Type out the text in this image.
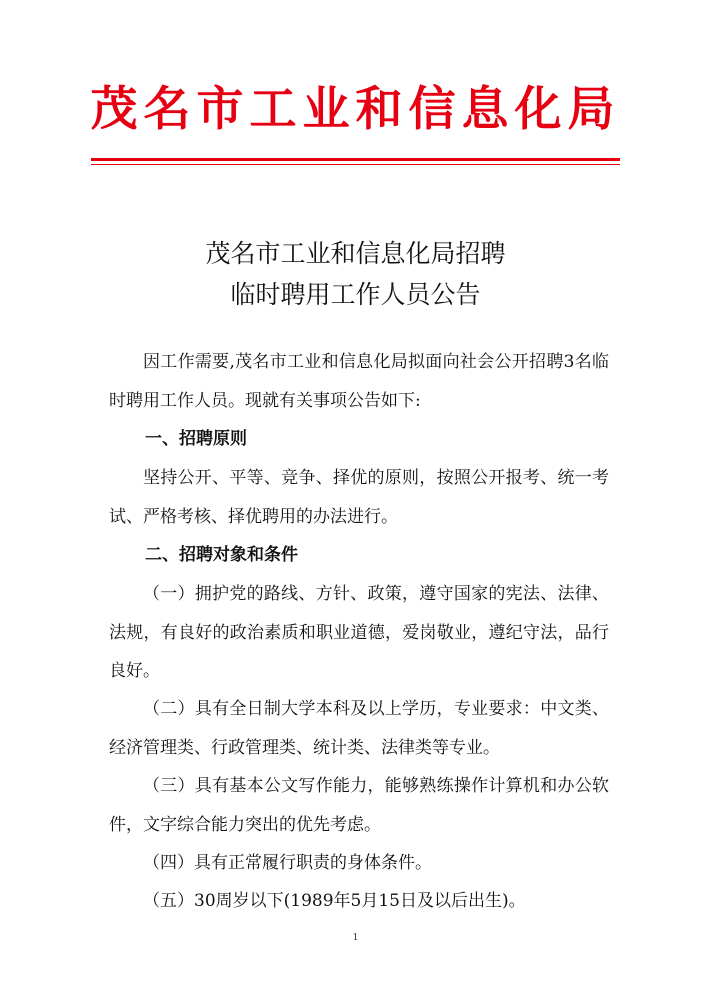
茂名市工业和信息化局
茂名市工业和信息化局招聘
临时聘用工作人员公告

因工作需要,茂名市工业和信息化局拟面向社会公开招聘3名临时聘用工作人员。现就有关事项公告如下:

一、招聘原则

坚持公开、平等、竞争、择优的原则，按照公开报考、统一考试、严格考核、择优聘用的办法进行。

二、招聘对象和条件

（一）拥护党的路线、方针、政策，遵守国家的宪法、法律、法规，有良好的政治素质和职业道德，爱岗敬业，遵纪守法，品行良好。

（二）具有全日制大学本科及以上学历，专业要求：中文类、经济管理类、行政管理类、统计类、法律类等专业。

（三）具有基本公文写作能力，能够熟练操作计算机和办公软件，文字综合能力突出的优先考虑。

（四）具有正常履行职责的身体条件。

（五）30周岁以下(1989年5月15日及以后出生)。

1
